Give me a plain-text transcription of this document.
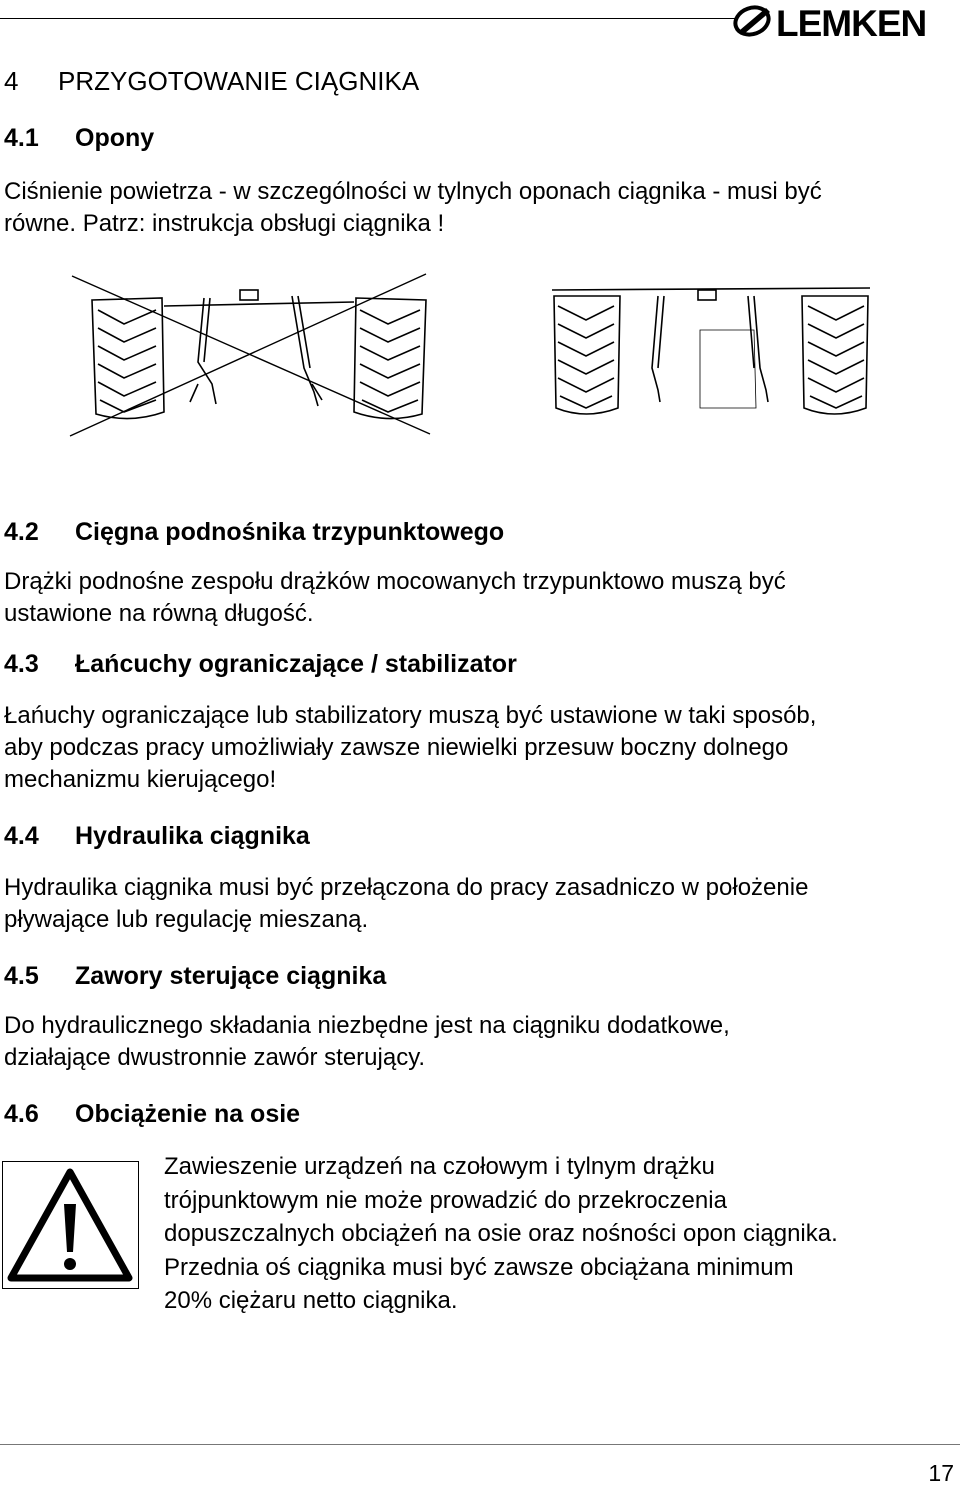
LEMKEN
4 PRZYGOTOWANIE CIĄGNIKA
4.1 Opony
Ciśnienie powietrza - w szczególności w tylnych oponach ciągnika - musi być
równe. Patrz: instrukcja obsługi ciągnika !
4.2 Cięgna podnośnika trzypunktowego
Drążki podnośne zespołu drążków mocowanych trzypunktowo muszą być
ustawione na równą długość.
4.3 Łańcuchy ograniczające / stabilizator
Łańuchy ograniczające lub stabilizatory muszą być ustawione w taki sposób,
aby podczas pracy umożliwiały zawsze niewielki przesuw boczny dolnego
mechanizmu kierującego!
4.4 Hydraulika ciągnika
Hydraulika ciągnika musi być przełączona do pracy zasadniczo w położenie
pływające lub regulację mieszaną.
4.5 Zawory sterujące ciągnika
Do hydraulicznego składania niezbędne jest na ciągniku dodatkowe,
działające dwustronnie zawór sterujący.
4.6 Obciążenie na osie
Zawieszenie urządzeń na czołowym i tylnym drążku
trójpunktowym nie może prowadzić do przekroczenia
dopuszczalnych obciążeń na osie oraz nośności opon ciągnika.
Przednia oś ciągnika musi być zawsze obciążana minimum
20% ciężaru netto ciągnika.
17
